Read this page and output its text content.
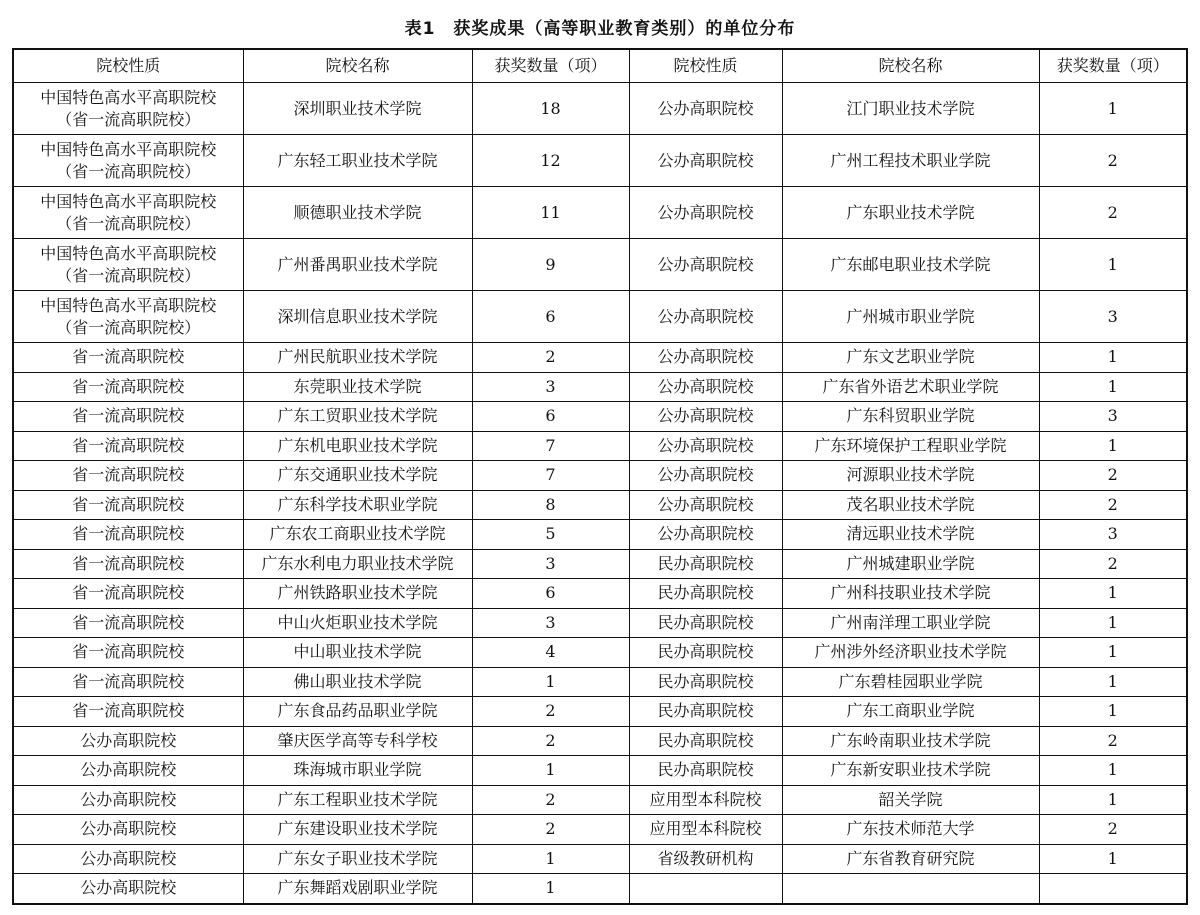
表1　获奖成果（高等职业教育类别）的单位分布
院校性质	院校名称	获奖数量（项）	院校性质	院校名称	获奖数量（项）

中国特色高水平高职院校
（省一流高职院校）	深圳职业技术学院	18	公办高职院校	江门职业技术学院	1

中国特色高水平高职院校
（省一流高职院校）	广东轻工职业技术学院	12	公办高职院校	广州工程技术职业学院	2

中国特色高水平高职院校
（省一流高职院校）	顺德职业技术学院	11	公办高职院校	广东职业技术学院	2

中国特色高水平高职院校
（省一流高职院校）	广州番禺职业技术学院	9	公办高职院校	广东邮电职业技术学院	1

中国特色高水平高职院校
（省一流高职院校）	深圳信息职业技术学院	6	公办高职院校	广州城市职业学院	3
省一流高职院校	广州民航职业技术学院	2	公办高职院校	广东文艺职业学院	1
省一流高职院校	东莞职业技术学院	3	公办高职院校	广东省外语艺术职业学院	1
省一流高职院校	广东工贸职业技术学院	6	公办高职院校	广东科贸职业学院	3
省一流高职院校	广东机电职业技术学院	7	公办高职院校	广东环境保护工程职业学院	1
省一流高职院校	广东交通职业技术学院	7	公办高职院校	河源职业技术学院	2
省一流高职院校	广东科学技术职业学院	8	公办高职院校	茂名职业技术学院	2
省一流高职院校	广东农工商职业技术学院	5	公办高职院校	清远职业技术学院	3
省一流高职院校	广东水利电力职业技术学院	3	民办高职院校	广州城建职业学院	2
省一流高职院校	广州铁路职业技术学院	6	民办高职院校	广州科技职业技术学院	1
省一流高职院校	中山火炬职业技术学院	3	民办高职院校	广州南洋理工职业学院	1
省一流高职院校	中山职业技术学院	4	民办高职院校	广州涉外经济职业技术学院	1
省一流高职院校	佛山职业技术学院	1	民办高职院校	广东碧桂园职业学院	1
省一流高职院校	广东食品药品职业学院	2	民办高职院校	广东工商职业学院	1
公办高职院校	肇庆医学高等专科学校	2	民办高职院校	广东岭南职业技术学院	2
公办高职院校	珠海城市职业学院	1	民办高职院校	广东新安职业技术学院	1
公办高职院校	广东工程职业技术学院	2	应用型本科院校	韶关学院	1
公办高职院校	广东建设职业技术学院	2	应用型本科院校	广东技术师范大学	2
公办高职院校	广东女子职业技术学院	1	省级教研机构	广东省教育研究院	1
公办高职院校	广东舞蹈戏剧职业学院	1			
